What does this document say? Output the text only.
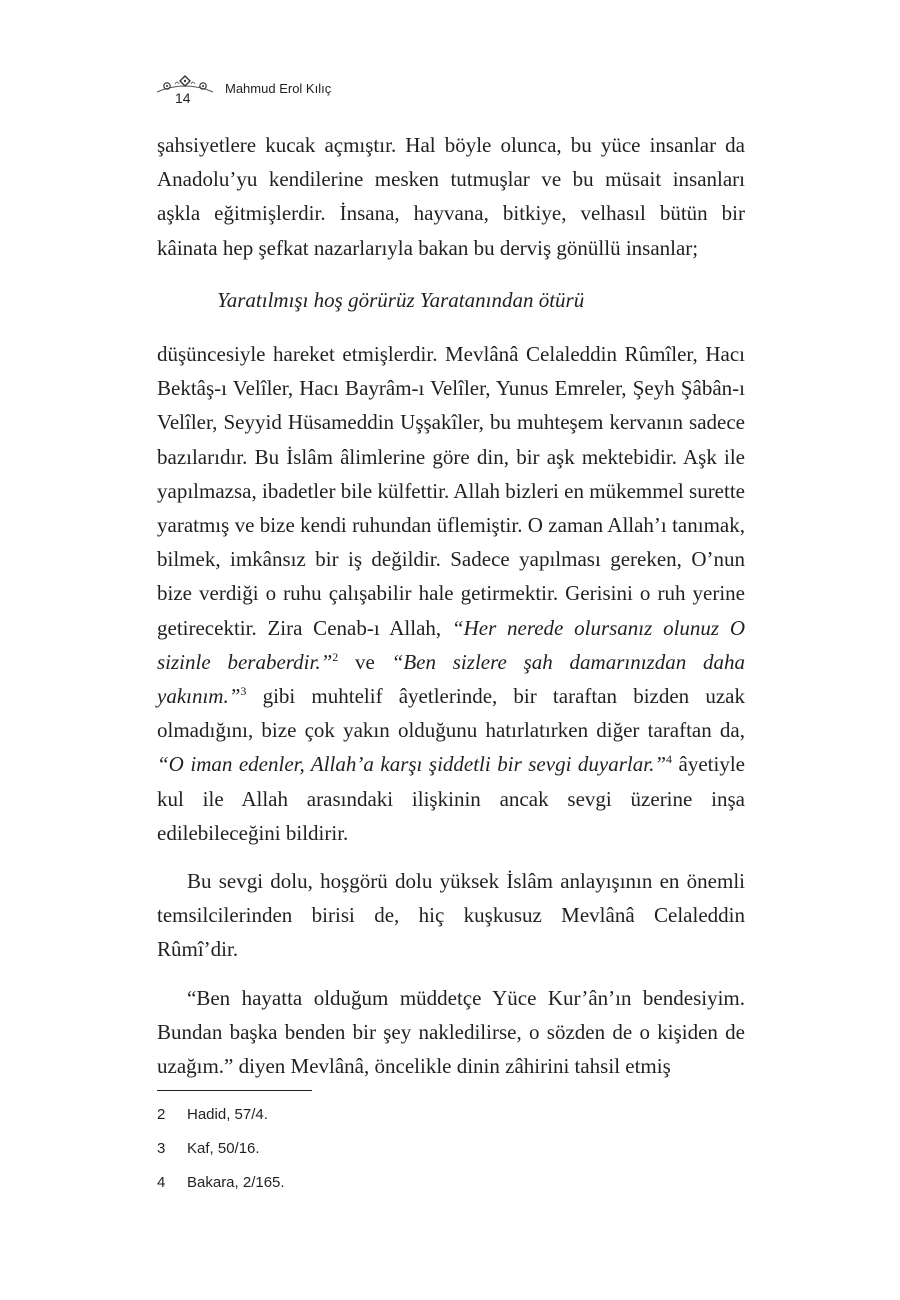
14
Mahmud Erol Kılıç

şahsiyetlere kucak açmıştır. Hal böyle olunca, bu yüce insanlar da Anadolu’yu kendilerine mesken tutmuşlar ve bu müsait insanları aşkla eğitmişlerdir. İnsana, hayvana, bitkiye, velhasıl bütün bir kâinata hep şefkat nazarlarıyla bakan bu derviş gönüllü insanlar;

Yaratılmışı hoş görürüz Yaratanından ötürü

düşüncesiyle hareket etmişlerdir. Mevlânâ Celaleddin Rûmîler, Hacı Bektâş-ı Velîler, Hacı Bayrâm-ı Velîler, Yunus Emreler, Şeyh Şâbân-ı Velîler, Seyyid Hüsameddin Uşşakîler, bu muhteşem kervanın sadece bazılarıdır. Bu İslâm âlimlerine göre din, bir aşk mektebidir. Aşk ile yapılmazsa, ibadetler bile külfettir. Allah bizleri en mükemmel surette yaratmış ve bize kendi ruhundan üflemiştir. O zaman Allah’ı tanımak, bilmek, imkânsız bir iş değildir. Sadece yapılması gereken, O’nun bize verdiği o ruhu çalışabilir hale getirmektir. Gerisini o ruh yerine getirecektir. Zira Cenab-ı Allah, “Her nerede olursanız olunuz O sizinle beraberdir.”$^2$ ve “Ben sizlere şah damarınızdan daha yakınım.”$^3$ gibi muhtelif âyetlerinde, bir taraftan bizden uzak olmadığını, bize çok yakın olduğunu hatırlatırken diğer taraftan da, “O iman edenler, Allah’a karşı şiddetli bir sevgi duyarlar.”$^4$ âyetiyle kul ile Allah arasındaki ilişkinin ancak sevgi üzerine inşa edilebileceğini bildirir.

Bu sevgi dolu, hoşgörü dolu yüksek İslâm anlayışının en önemli temsilcilerinden birisi de, hiç kuşkusuz Mevlânâ Celaleddin Rûmî’dir.

“Ben hayatta olduğum müddetçe Yüce Kur’ân’ın bendesiyim. Bundan başka benden bir şey nakledilirse, o sözden de o kişiden de uzağım.” diyen Mevlânâ, öncelikle dinin zâhirini tahsil etmiş

2	Hadid, 57/4.
3	Kaf, 50/16.
4	Bakara, 2/165.
